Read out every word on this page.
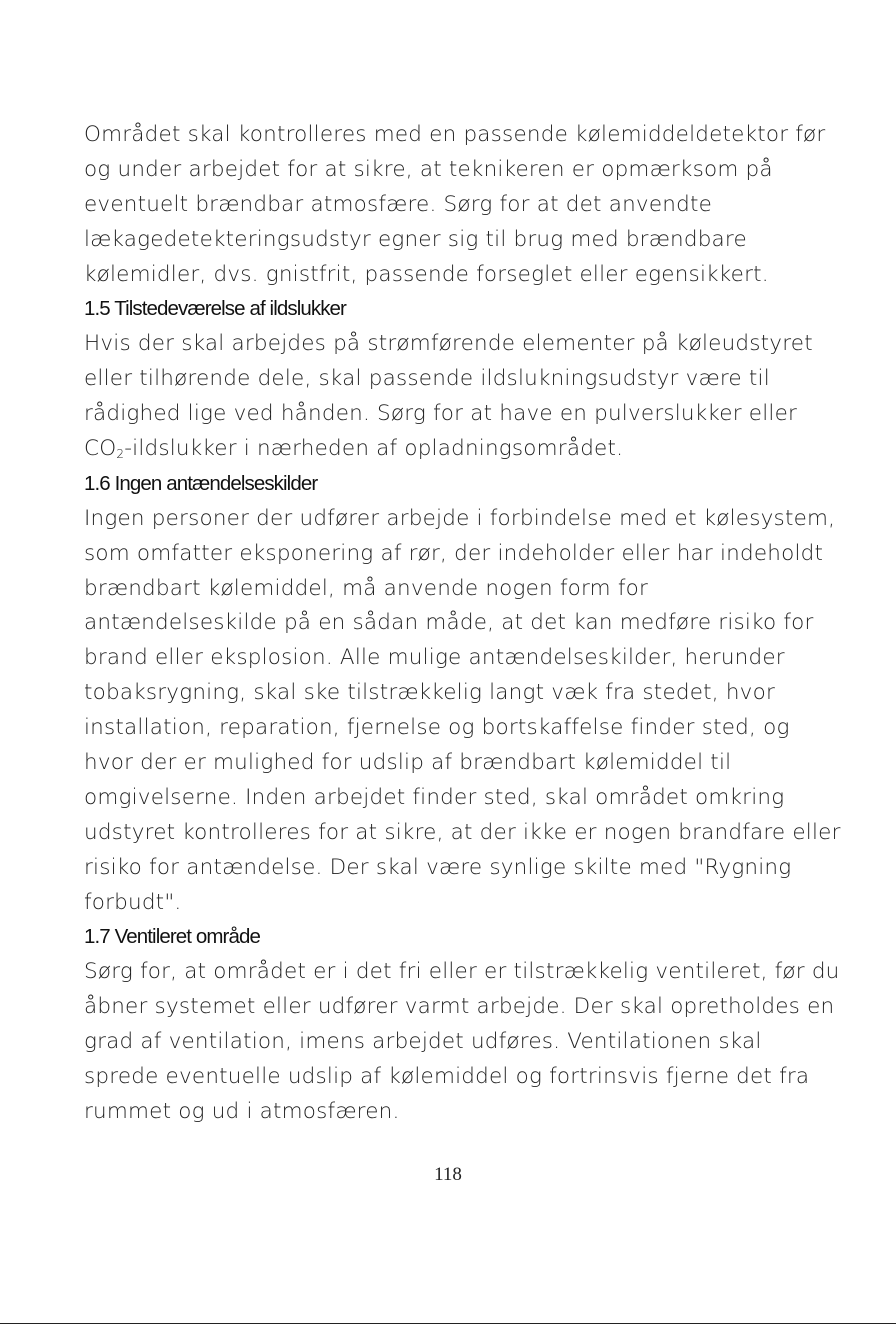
Området skal kontrolleres med en passende kølemiddeldetektor før
og under arbejdet for at sikre, at teknikeren er opmærksom på
eventuelt brændbar atmosfære. Sørg for at det anvendte
lækagedetekteringsudstyr egner sig til brug med brændbare
kølemidler, dvs. gnistfrit, passende forseglet eller egensikkert.
1.5 Tilstedeværelse af ildslukker
Hvis der skal arbejdes på strømførende elementer på køleudstyret
eller tilhørende dele, skal passende ildslukningsudstyr være til
rådighed lige ved hånden. Sørg for at have en pulverslukker eller
$CO_2$-ildslukker i nærheden af opladningsområdet.
1.6 Ingen antændelseskilder
Ingen personer der udfører arbejde i forbindelse med et kølesystem,
som omfatter eksponering af rør, der indeholder eller har indeholdt
brændbart kølemiddel, må anvende nogen form for
antændelseskilde på en sådan måde, at det kan medføre risiko for
brand eller eksplosion. Alle mulige antændelseskilder, herunder
tobaksrygning, skal ske tilstrækkelig langt væk fra stedet, hvor
installation, reparation, fjernelse og bortskaffelse finder sted, og
hvor der er mulighed for udslip af brændbart kølemiddel til
omgivelserne. Inden arbejdet finder sted, skal området omkring
udstyret kontrolleres for at sikre, at der ikke er nogen brandfare eller
risiko for antændelse. Der skal være synlige skilte med "Rygning
forbudt".
1.7 Ventileret område
Sørg for, at området er i det fri eller er tilstrækkelig ventileret, før du
åbner systemet eller udfører varmt arbejde. Der skal opretholdes en
grad af ventilation, imens arbejdet udføres. Ventilationen skal
sprede eventuelle udslip af kølemiddel og fortrinsvis fjerne det fra
rummet og ud i atmosfæren.
118
